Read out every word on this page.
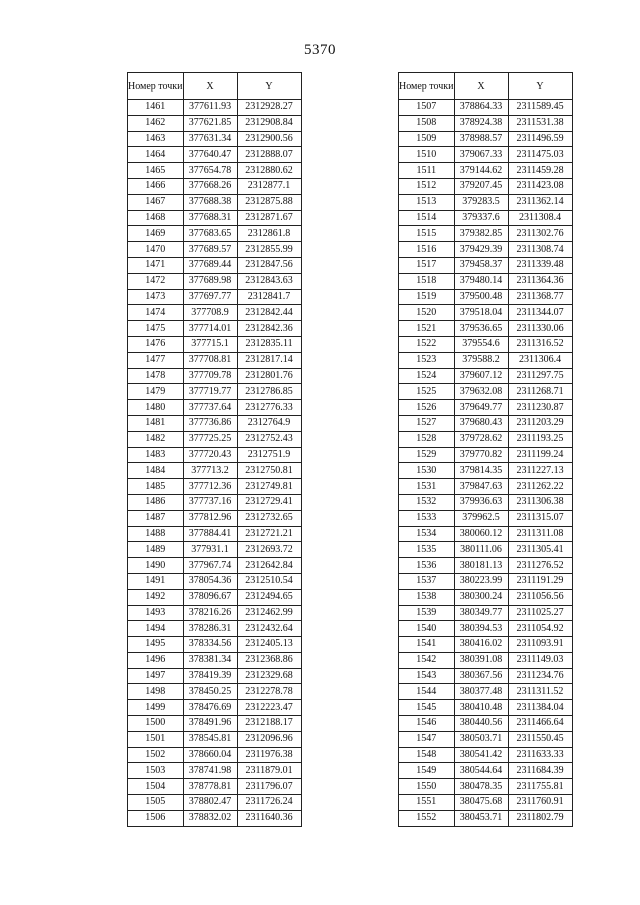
5370
Номер точки	X	Y
1461	377611.93	2312928.27
1462	377621.85	2312908.84
1463	377631.34	2312900.56
1464	377640.47	2312888.07
1465	377654.78	2312880.62
1466	377668.26	2312877.1
1467	377688.38	2312875.88
1468	377688.31	2312871.67
1469	377683.65	2312861.8
1470	377689.57	2312855.99
1471	377689.44	2312847.56
1472	377689.98	2312843.63
1473	377697.77	2312841.7
1474	377708.9	2312842.44
1475	377714.01	2312842.36
1476	377715.1	2312835.11
1477	377708.81	2312817.14
1478	377709.78	2312801.76
1479	377719.77	2312786.85
1480	377737.64	2312776.33
1481	377736.86	2312764.9
1482	377725.25	2312752.43
1483	377720.43	2312751.9
1484	377713.2	2312750.81
1485	377712.36	2312749.81
1486	377737.16	2312729.41
1487	377812.96	2312732.65
1488	377884.41	2312721.21
1489	377931.1	2312693.72
1490	377967.74	2312642.84
1491	378054.36	2312510.54
1492	378096.67	2312494.65
1493	378216.26	2312462.99
1494	378286.31	2312432.64
1495	378334.56	2312405.13
1496	378381.34	2312368.86
1497	378419.39	2312329.68
1498	378450.25	2312278.78
1499	378476.69	2312223.47
1500	378491.96	2312188.17
1501	378545.81	2312096.96
1502	378660.04	2311976.38
1503	378741.98	2311879.01
1504	378778.81	2311796.07
1505	378802.47	2311726.24
1506	378832.02	2311640.36
Номер точки	X	Y
1507	378864.33	2311589.45
1508	378924.38	2311531.38
1509	378988.57	2311496.59
1510	379067.33	2311475.03
1511	379144.62	2311459.28
1512	379207.45	2311423.08
1513	379283.5	2311362.14
1514	379337.6	2311308.4
1515	379382.85	2311302.76
1516	379429.39	2311308.74
1517	379458.37	2311339.48
1518	379480.14	2311364.36
1519	379500.48	2311368.77
1520	379518.04	2311344.07
1521	379536.65	2311330.06
1522	379554.6	2311316.52
1523	379588.2	2311306.4
1524	379607.12	2311297.75
1525	379632.08	2311268.71
1526	379649.77	2311230.87
1527	379680.43	2311203.29
1528	379728.62	2311193.25
1529	379770.82	2311199.24
1530	379814.35	2311227.13
1531	379847.63	2311262.22
1532	379936.63	2311306.38
1533	379962.5	2311315.07
1534	380060.12	2311311.08
1535	380111.06	2311305.41
1536	380181.13	2311276.52
1537	380223.99	2311191.29
1538	380300.24	2311056.56
1539	380349.77	2311025.27
1540	380394.53	2311054.92
1541	380416.02	2311093.91
1542	380391.08	2311149.03
1543	380367.56	2311234.76
1544	380377.48	2311311.52
1545	380410.48	2311384.04
1546	380440.56	2311466.64
1547	380503.71	2311550.45
1548	380541.42	2311633.33
1549	380544.64	2311684.39
1550	380478.35	2311755.81
1551	380475.68	2311760.91
1552	380453.71	2311802.79
